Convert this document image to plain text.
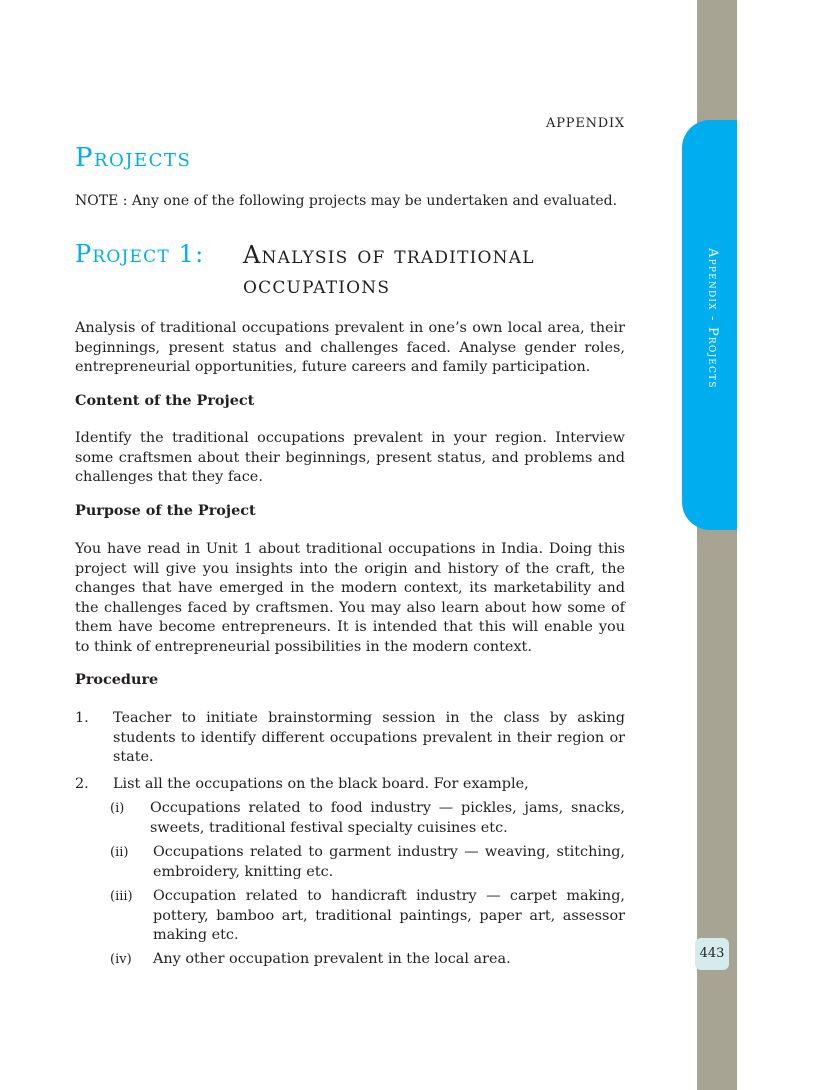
Appendix - Projects
443
APPENDIX
Projects
NOTE : Any one of the following projects may be undertaken and evaluated.
Project 1: Analysis of traditional occupations

Analysis of traditional occupations prevalent in one’s own local area, their beginnings, present status and challenges faced. Analyse gender roles, entrepreneurial opportunities, future careers and family participation.

Content of the Project

Identify the traditional occupations prevalent in your region. Interview some craftsmen about their beginnings, present status, and problems and challenges that they face.

Purpose of the Project

You have read in Unit 1 about traditional occupations in India. Doing this project will give you insights into the origin and history of the craft, the changes that have emerged in the modern context, its marketability and the challenges faced by craftsmen. You may also learn about how some of them have become entrepreneurs. It is intended that this will enable you to think of entrepreneurial possibilities in the modern context.

Procedure
1. Teacher to initiate brainstorming session in the class by asking students to identify different occupations prevalent in their region or state.
2. List all the occupations on the black board. For example,
(i) Occupations related to food industry — pickles, jams, snacks, sweets, traditional festival specialty cuisines etc.
(ii) Occupations related to garment industry — weaving, stitching, embroidery, knitting etc.
(iii) Occupation related to handicraft industry — carpet making, pottery, bamboo art, traditional paintings, paper art, assessor making etc.
(iv) Any other occupation prevalent in the local area.
